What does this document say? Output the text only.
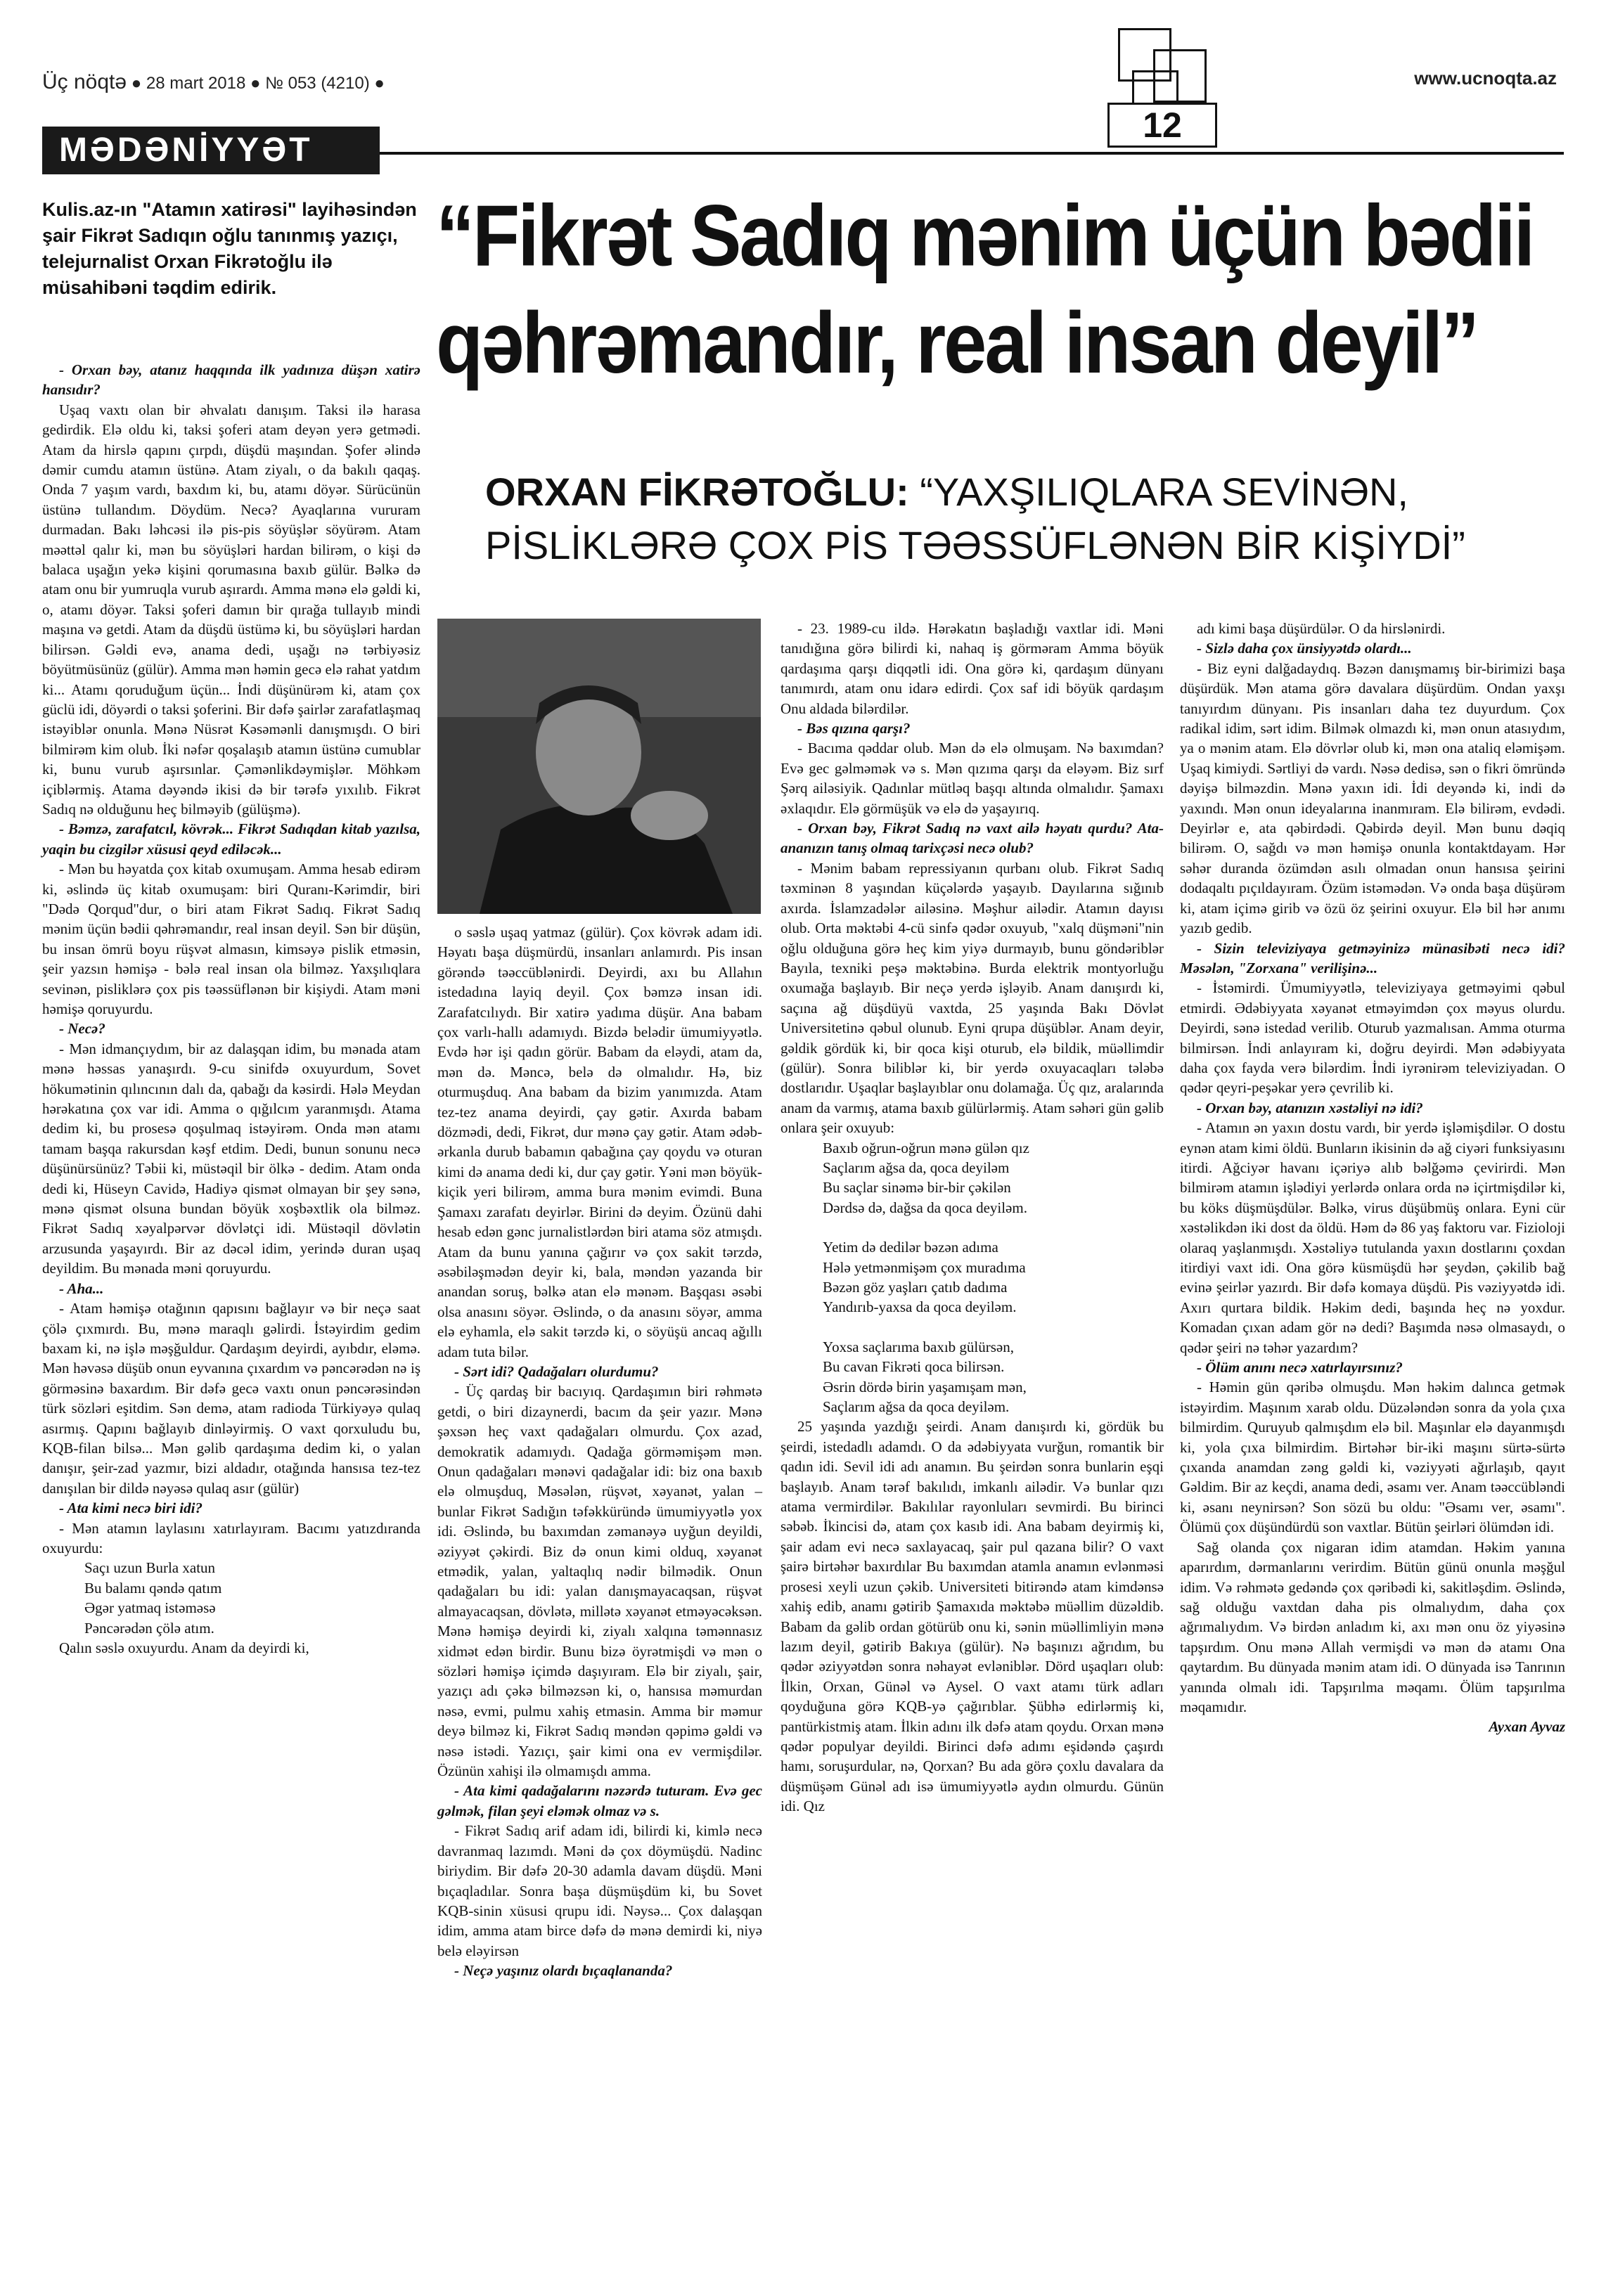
Üç nöqtə ● 28 mart 2018 ● № 053 (4210) ●	www.ucnoqta.az
12
MƏDƏNİYYƏT
Kulis.az-ın "Atamın xatirəsi" layihəsindən şair Fikrət Sadıqın oğlu tanınmış yazıçı, telejurnalist Orxan Fikrətoğlu ilə müsahibəni təqdim edirik.
“Fikrət Sadıq mənim üçün bədii qəhrəmandır, real insan deyil”
ORXAN FİKRƏTOĞLU: “YAXŞILIQLARA SEVİNƏN, PİSLİKLƏRƏ ÇOX PİS TƏƏSSÜFLƏNƏN BİR KİŞİYDİ”

- Orxan bəy, atanız haqqında ilk yadınıza düşən xatirə hansıdır?

Uşaq vaxtı olan bir əhvalatı danışım. Taksi ilə harasa gedirdik. Elə oldu ki, taksi şoferi atam deyən yerə getmədi. Atam da hirslə qapını çırpdı, düşdü maşından. Şofer əlində dəmir cumdu atamın üstünə. Atam ziyalı, o da bakılı qaqaş. Onda 7 yaşım vardı, baxdım ki, bu, atamı döyər. Sürücünün üstünə tullandım. Döydüm. Necə? Ayaqlarına vururam durmadan. Bakı ləhcəsi ilə pis-pis söyüşlər söyürəm. Atam məəttəl qalır ki, mən bu söyüşləri hardan bilirəm, o kişi də balaca uşağın yekə kişini qorumasına baxıb gülür. Bəlkə də atam onu bir yumruqla vurub aşırardı. Amma mənə elə gəldi ki, o, atamı döyər. Taksi şoferi damın bir qırağa tullayıb mindi maşına və getdi. Atam da düşdü üstümə ki, bu söyüşləri hardan bilirsən. Gəldi evə, anama dedi, uşağı nə tərbiyəsiz böyütmüsünüz (gülür). Amma mən həmin gecə elə rahat yatdım ki... Atamı qoruduğum üçün... İndi düşünürəm ki, atam çox güclü idi, döyərdi o taksi şoferini. Bir dəfə şairlər zarafatlaşmaq istəyiblər onunla. Mənə Nüsrət Kəsəmənli danışmışdı. O biri bilmirəm kim olub. İki nəfər qoşalaşıb atamın üstünə cumublar ki, bunu vurub aşırsınlar. Çəmənlikdəymişlər. Möhkəm içiblərmiş. Atama dəyəndə ikisi də bir tərəfə yıxılıb. Fikrət Sadıq nə olduğunu heç bilməyib (gülüşmə).

- Bəmzə, zarafatcıl, kövrək... Fikrət Sadıqdan kitab yazılsa, yaqin bu cizgilər xüsusi qeyd ediləcək...

- Mən bu həyatda çox kitab oxumuşam. Amma hesab edirəm ki, əslində üç kitab oxumuşam: biri Quranı-Kərimdir, biri "Dədə Qorqud"dur, o biri atam Fikrət Sadıq. Fikrət Sadıq mənim üçün bədii qəhrəmandır, real insan deyil. Sən bir düşün, bu insan ömrü boyu rüşvət almasın, kimsəyə pislik etməsin, şeir yazsın həmişə - bələ real insan ola bilməz. Yaxşılıqlara sevinən, pisliklərə çox pis təəssüflənən bir kişiydi. Atam məni həmişə qoruyurdu.

- Necə?

- Mən idmançıydım, bir az dalaşqan idim, bu mənada atam mənə həssas yanaşırdı. 9-cu sinifdə oxuyurdum, Sovet hökumətinin qılıncının dalı da, qabağı da kəsirdi. Hələ Meydan hərəkatına çox var idi. Amma o qığılcım yaranmışdı. Atama dedim ki, bu prosesə qoşulmaq istəyirəm. Onda mən atamı tamam başqa rakursdan kəşf etdim. Dedi, bunun sonunu necə düşünürsünüz? Təbii ki, müstəqil bir ölkə - dedim. Atam onda dedi ki, Hüseyn Cavidə, Hadiyə qismət olmayan bir şey sənə, mənə qismət olsuna bundan böyük xoşbəxtlik ola bilməz. Fikrət Sadıq xəyalpərvər dövlətçi idi. Müstəqil dövlətin arzusunda yaşayırdı. Bir az dəcəl idim, yerində duran uşaq deyildim. Bu mənada məni qoruyurdu.

- Aha...

- Atam həmişə otağının qapısını bağlayır və bir neçə saat çölə çıxmırdı. Bu, mənə maraqlı gəlirdi. İstəyirdim gedim baxam ki, nə işlə məşğuldur. Qardaşım deyirdi, ayıbdır, eləmə. Mən həvəsə düşüb onun eyvanına çıxardım və pəncərədən nə iş görməsinə baxardım. Bir dəfə gecə vaxtı onun pəncərəsindən türk sözləri eşitdim. Sən demə, atam radioda Türkiyəyə qulaq asırmış. Qapını bağlayıb dinləyirmiş. O vaxt qorxuludu bu, KQB-filan bilsə... Mən gəlib qardaşıma dedim ki, o yalan danışır, şeir-zad yazmır, bizi aldadır, otağında hansısa tez-tez danışılan bir dildə nəyəsə qulaq asır (gülür)

- Ata kimi necə biri idi?

- Mən atamın laylasını xatırlayıram. Bacımı yatızdıranda oxuyurdu:

Saçı uzun Burla xatun

Bu balamı qəndə qatım

Əgər yatmaq istəməsə

Pəncərədən çölə atım.

Qalın səslə oxuyurdu. Anam da deyirdi ki,

o səslə uşaq yatmaz (gülür). Çox kövrək adam idi. Həyatı başa düşmürdü, insanları anlamırdı. Pis insan görəndə təəccüblənirdi. Deyirdi, axı bu Allahın istedadına layiq deyil. Çox bəmzə insan idi. Zarafatcılıydı. Bir xatirə yadıma düşür. Ana babam çox varlı-hallı adamıydı. Bizdə belədir ümumiyyətlə. Evdə hər işi qadın görür. Babam da eləydi, atam da, mən də. Məncə, belə də olmalıdır. Hə, biz oturmuşduq. Ana babam da bizim yanımızda. Atam tez-tez anama deyirdi, çay gətir. Axırda babam dözmədi, dedi, Fikrət, dur mənə çay gətir. Atam ədəb-ərkanla durub babamın qabağına çay qoydu və oturan kimi də anama dedi ki, dur çay gətir. Yəni mən böyük-kiçik yeri bilirəm, amma bura mənim evimdi. Buna Şamaxı zarafatı deyirlər. Birini də deyim. Özünü dahi hesab edən gənc jurnalistlərdən biri atama söz atmışdı. Atam da bunu yanına çağırır və çox sakit tərzdə, əsəbiləşmədən deyir ki, bala, məndən yazanda bir anandan soruş, bəlkə atan elə mənəm. Başqası əsəbi olsa anasını söyər. Əslində, o da anasını söyər, amma elə eyhamla, elə sakit tərzdə ki, o söyüşü ancaq ağıllı adam tuta bilər.

- Sərt idi? Qadağaları olurdumu?

- Üç qardaş bir bacıyıq. Qardaşımın biri rəhmətə getdi, o biri dizaynerdi, bacım da şeir yazır. Mənə şəxsən heç vaxt qadağaları olmurdu. Çox azad, demokratik adamıydı. Qadağa görməmişəm mən. Onun qadağaları mənəvi qadağalar idi: biz ona baxıb elə olmuşduq, Məsələn, rüşvət, xəyanət, yalan – bunlar Fikrət Sadığın təfəkküründə ümumiyyətlə yox idi. Əslində, bu baxımdan zəmanəyə uyğun deyildi, əziyyət çəkirdi. Biz də onun kimi olduq, xəyanət etmədik, yalan, yaltaqlıq nədir bilmədik. Onun qadağaları bu idi: yalan danışmayacaqsan, rüşvət almayacaqsan, dövlətə, millətə xəyanət etməyəcəksən. Mənə həmişə deyirdi ki, ziyalı xalqına təmənnasız xidmət edən birdir. Bunu bizə öyrətmişdi və mən o sözləri həmişə içimdə daşıyıram. Elə bir ziyalı, şair, yazıçı adı çəkə bilməzsən ki, o, hansısa məmurdan nəsə, evmi, pulmu xahiş etmasin. Amma bir məmur deyə bilməz ki, Fikrət Sadıq məndən qəpimə gəldi və nəsə istədi. Yazıçı, şair kimi ona ev vermişdilər. Özünün xahişi ilə olmamışdı amma.

- Ata kimi qadağalarını nəzərdə tuturam. Evə gec gəlmək, filan şeyi eləmək olmaz və s.

- Fikrət Sadıq arif adam idi, bilirdi ki, kimlə necə davranmaq lazımdı. Məni də çox döymüşdü. Nadinc biriydim. Bir dəfə 20-30 adamla davam düşdü. Məni bıçaqladılar. Sonra başa düşmüşdüm ki, bu Sovet KQB-sinin xüsusi qrupu idi. Nəysə... Çox dalaşqan idim, amma atam birce dəfə də mənə demirdi ki, niyə belə eləyirsən

- Neçə yaşınız olardı bıçaqlananda?

- 23. 1989-cu ildə. Hərəkatın başladığı vaxtlar idi. Məni tanıdığına görə bilirdi ki, nahaq iş görməram Amma böyük qardaşıma qarşı diqqətli idi. Ona görə ki, qardaşım dünyanı tanımırdı, atam onu idarə edirdi. Çox saf idi böyük qardaşım Onu aldada bilərdilər.

- Bəs qızına qarşı?

- Bacıma qəddar olub. Mən də elə olmuşam. Nə baxımdan? Evə gec gəlməmək və s. Mən qızıma qarşı da eləyəm. Biz sırf Şərq ailəsiyik. Qadınlar mütləq başqı altında olmalıdır. Şamaxı əxlaqıdır. Elə görmüşük və elə də yaşayırıq.

- Orxan bəy, Fikrət Sadıq nə vaxt ailə həyatı qurdu? Ata-ananızın tanış olmaq tarixçəsi necə olub?

- Mənim babam repressiyanın qurbanı olub. Fikrət Sadıq təxminən 8 yaşından küçələrdə yaşayıb. Dayılarına sığınıb axırda. İslamzadələr ailəsinə. Məşhur ailədir. Atamın dayısı olub. Orta məktəbi 4-cü sinfə qədər oxuyub, "xalq düşməni"nin oğlu olduğuna görə heç kim yiyə durmayıb, bunu göndəriblər Bayıla, texniki peşə məktəbinə. Burda elektrik montyorluğu oxumağa başlayıb. Bir neçə yerdə işləyib. Anam danışırdı ki, saçına ağ düşdüyü vaxtda, 25 yaşında Bakı Dövlət Universitetinə qəbul olunub. Eyni qrupa düşüblər. Anam deyir, gəldik gördük ki, bir qoca kişi oturub, elə bildik, müəllimdir (gülür). Sonra biliblər ki, bir yerdə oxuyacaqları tələbə dostlarıdır. Uşaqlar başlayıblar onu dolamağa. Üç qız, aralarında anam da varmış, atama baxıb gülürlərmiş. Atam səhəri gün gəlib onlara şeir oxuyub:

Baxıb oğrun-oğrun mənə gülən qız

Saçlarım ağsa da, qoca deyiləm

Bu saçlar sinəmə bir-bir çəkilən

Dərdsə də, dağsa da qoca deyiləm.

Yetim də dedilər bəzən adıma

Hələ yetmənmişəm çox muradıma

Bəzən göz yaşları çatıb dadıma

Yandırıb-yaxsa da qoca deyiləm.

Yoxsa saçlarıma baxıb gülürsən,

Bu cavan Fikrəti qoca bilirsən.

Əsrin dördə birin yaşamışam mən,

Saçlarım ağsa da qoca deyiləm.

25 yaşında yazdığı şeirdi. Anam danışırdı ki, gördük bu şeirdi, istedadlı adamdı. O da ədəbiyyata vurğun, romantik bir qadın idi. Sevil idi adı anamın. Bu şeirdən sonra bunlarin eşqi başlayıb. Anam tərəf bakılıdı, imkanlı ailədir. Və bunlar qızı atama vermirdilər. Bakılılar rayonluları sevmirdi. Bu birinci səbəb. İkincisi də, atam çox kasıb idi. Ana babam deyirmiş ki, şair adam evi necə saxlayacaq, şair pul qazana bilir? O vaxt şairə birtəhər baxırdılar Bu baxımdan atamla anamın evlənməsi prosesi xeyli uzun çəkib. Universiteti bitirəndə atam kimdənsə xahiş edib, anamı gətirib Şamaxıda məktəbə müəllim düzəldib. Babam da gəlib ordan götürüb onu ki, sənin müəllimliyin mənə lazım deyil, gətirib Bakıya (gülür). Nə başınızı ağrıdım, bu qədər əziyyətdən sonra nəhayət evləniblər. Dörd uşaqları olub: İlkin, Orxan, Günəl və Aysel. O vaxt atamı türk adları qoyduğuna görə KQB-yə çağırıblar. Şübhə edirlərmiş ki, pantürkistmiş atam. İlkin adını ilk dəfə atam qoydu. Orxan mənə qədər populyar deyildi. Birinci dəfə adımı eşidəndə çaşırdı hamı, soruşurdular, nə, Qorxan? Bu ada görə çoxlu davalara da düşmüşəm Günəl adı isə ümumiyyətlə aydın olmurdu. Günün idi. Qız

adı kimi başa düşürdülər. O da hirslənirdi.

- Sizlə daha çox ünsiyyətdə olardı...

- Biz eyni dalğadaydıq. Bəzən danışmamış bir-birimizi başa düşürdük. Mən atama görə davalara düşürdüm. Ondan yaxşı tanıyırdım dünyanı. Pis insanları daha tez duyurdum. Çox radikal idim, sərt idim. Bilmək olmazdı ki, mən onun atasıydım, ya o mənim atam. Elə dövrlər olub ki, mən ona ataliq eləmişəm. Uşaq kimiydi. Sərtliyi də vardı. Nəsə dedisə, sən o fikri ömründə dəyişə bilməzdin. Mənə yaxın idi. İdi deyəndə ki, indi də yaxındı. Mən onun ideyalarına inanmıram. Elə bilirəm, evdədi. Deyirlər e, ata qəbirdədi. Qəbirdə deyil. Mən bunu dəqiq bilirəm. O, sağdı və mən həmişə onunla kontaktdayam. Hər səhər duranda özümdən asılı olmadan onun hansısa şeirini dodaqaltı pıçıldayıram. Özüm istəmədən. Və onda başa düşürəm ki, atam içimə girib və özü öz şeirini oxuyur. Elə bil hər anımı yazıb gedib.

- Sizin televiziyaya getməyinizə münasibəti necə idi? Məsələn, "Zorxana" verilişinə...

- İstəmirdi. Ümumiyyətlə, televiziyaya getməyimi qəbul etmirdi. Ədəbiyyata xəyanət etməyimdən çox məyus olurdu. Deyirdi, sənə istedad verilib. Oturub yazmalısan. Amma oturma bilmirsən. İndi anlayıram ki, doğru deyirdi. Mən ədəbiyyata daha çox fayda verə bilərdim. İndi iyrənirəm televiziyadan. O qədər qeyri-peşəkar yerə çevrilib ki.

- Orxan bəy, atanızın xəstəliyi nə idi?

- Atamın ən yaxın dostu vardı, bir yerdə işləmişdilər. O dostu eynən atam kimi öldü. Bunların ikisinin də ağ ciyəri funksiyasını itirdi. Ağciyər havanı içəriyə alıb bəlğəmə çevirirdi. Mən bilmirəm atamın işlədiyi yerlərdə onlara orda nə içirtmişdilər ki, bu köks düşmüşdülər. Bəlkə, virus düşübmüş onlara. Eyni cür xəstəlikdən iki dost da öldü. Həm də 86 yaş faktoru var. Fizioloji olaraq yaşlanmışdı. Xəstəliyə tutulanda yaxın dostlarını çoxdan itirdiyi vaxt idi. Ona görə küsmüşdü hər şeydən, çəkilib bağ evinə şeirlər yazırdı. Bir dəfə komaya düşdü. Pis vəziyyətdə idi. Axırı qurtara bildik. Həkim dedi, başında heç nə yoxdur. Komadan çıxan adam gör nə dedi? Başımda nəsə olmasaydı, o qədər şeiri nə təhər yazardım?

- Ölüm anını necə xatırlayırsınız?

- Həmin gün qəribə olmuşdu. Mən həkim dalınca getmək istəyirdim. Maşınım xarab oldu. Düzələndən sonra da yola çıxa bilmirdim. Quruyub qalmışdım elə bil. Maşınlar elə dayanmışdı ki, yola çıxa bilmirdim. Birtəhər bir-iki maşını sürtə-sürtə çıxanda anamdan zəng gəldi ki, vəziyyəti ağırlaşıb, qayıt Gəldim. Bir az keçdi, anama dedi, əsamı ver. Anam təəccübləndi ki, əsanı neynirsən? Son sözü bu oldu: "Əsamı ver, əsamı". Ölümü çox düşündürdü son vaxtlar. Bütün şeirləri ölümdən idi.

Sağ olanda çox nigaran idim atamdan. Həkim yanına aparırdım, dərmanlarını verirdim. Bütün günü onunla məşğul idim. Və rəhmətə gedəndə çox qəribədi ki, sakitləşdim. Əslində, sağ olduğu vaxtdan daha pis olmalıydım, daha çox ağrımalıydım. Və birdən anladım ki, axı mən onu öz yiyəsinə tapşırdım. Onu mənə Allah vermişdi və mən də atamı Ona qaytardım. Bu dünyada mənim atam idi. O dünyada isə Tanrının yanında olmalı idi. Tapşırılma məqamı. Ölüm tapşırılma məqamıdır.

Ayxan Ayvaz
